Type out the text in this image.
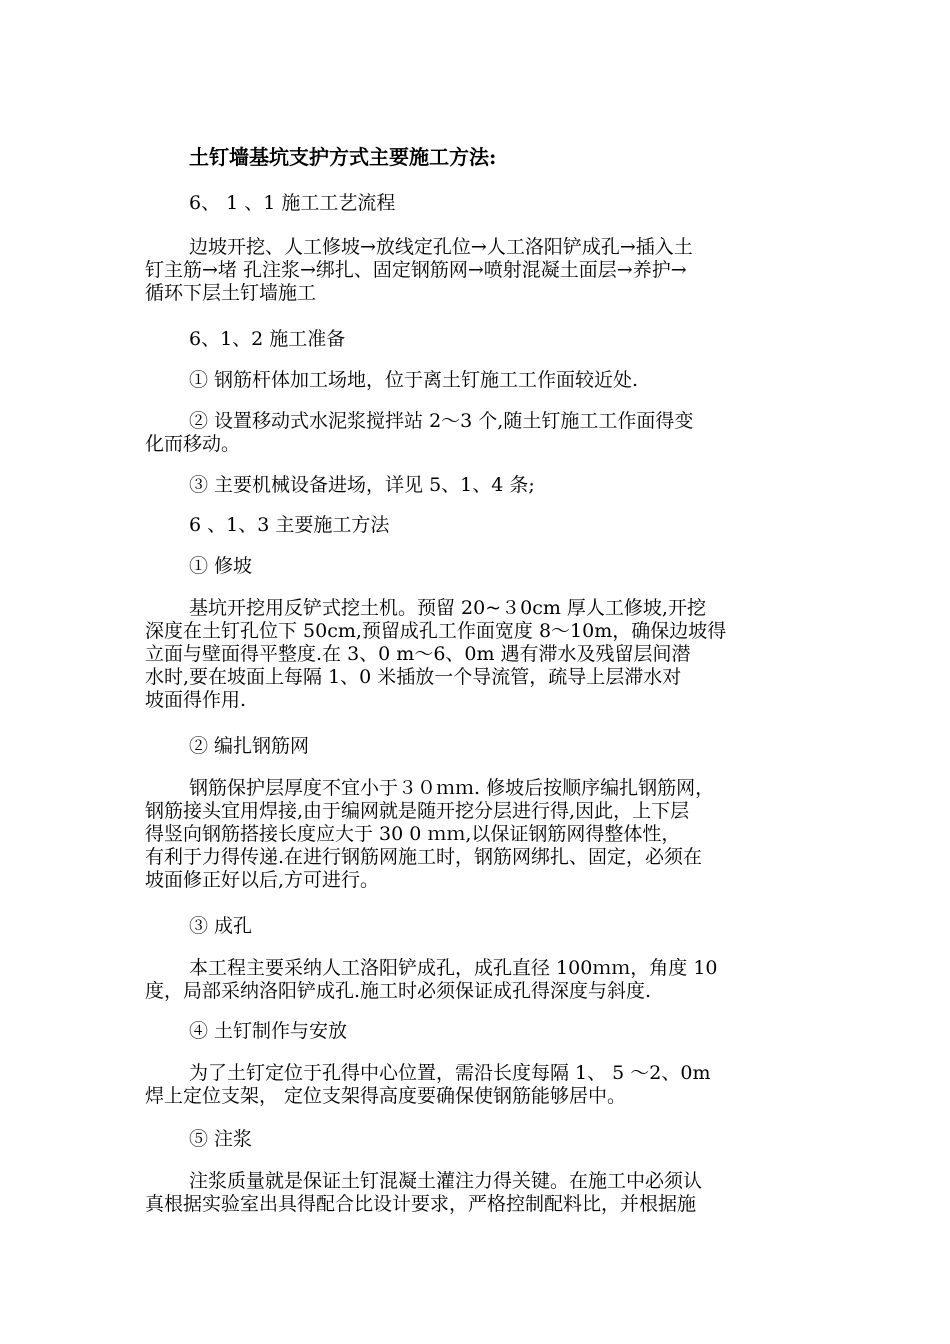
土钉墙基坑支护方式主要施工方法:
6、 1 、1 施工工艺流程
边坡开挖、人工修坡→放线定孔位→人工洛阳铲成孔→插入土
钉主筋→堵 孔注浆→绑扎、固定钢筋网→喷射混凝土面层→养护→
循环下层土钉墙施工
6、1、2 施工准备
① 钢筋杆体加工场地，位于离土钉施工工作面较近处.
② 设置移动式水泥浆搅拌站 2～3 个,随土钉施工工作面得变
化而移动。
③ 主要机械设备进场，详见 5、1、4 条;
6 、1、3 主要施工方法
① 修坡
基坑开挖用反铲式挖土机。预留 20~３0cm 厚人工修坡,开挖
深度在土钉孔位下 50cm,预留成孔工作面宽度 8～10m，确保边坡得
立面与壁面得平整度.在 3、0 m～6、0m 遇有滞水及残留层间潜
水时,要在坡面上每隔 1、0 米插放一个导流管，疏导上层滞水对
坡面得作用.
② 编扎钢筋网
钢筋保护层厚度不宜小于３０ｍｍ. 修坡后按顺序编扎钢筋网，
钢筋接头宜用焊接,由于编网就是随开挖分层进行得,因此，上下层
得竖向钢筋搭接长度应大于 30 0 ｍｍ,以保证钢筋网得整体性，
有利于力得传递.在进行钢筋网施工时，钢筋网绑扎、固定，必须在
坡面修正好以后,方可进行。
③ 成孔
本工程主要采纳人工洛阳铲成孔，成孔直径 100ｍｍ，角度 10
度，局部采纳洛阳铲成孔.施工时必须保证成孔得深度与斜度.
④ 土钉制作与安放
为了土钉定位于孔得中心位置，需沿长度每隔 1、 5 ～2、0m
焊上定位支架， 定位支架得高度要确保使钢筋能够居中。
⑤ 注浆
注浆质量就是保证土钉混凝土灌注力得关键。在施工中必须认
真根据实验室出具得配合比设计要求，严格控制配料比，并根据施
